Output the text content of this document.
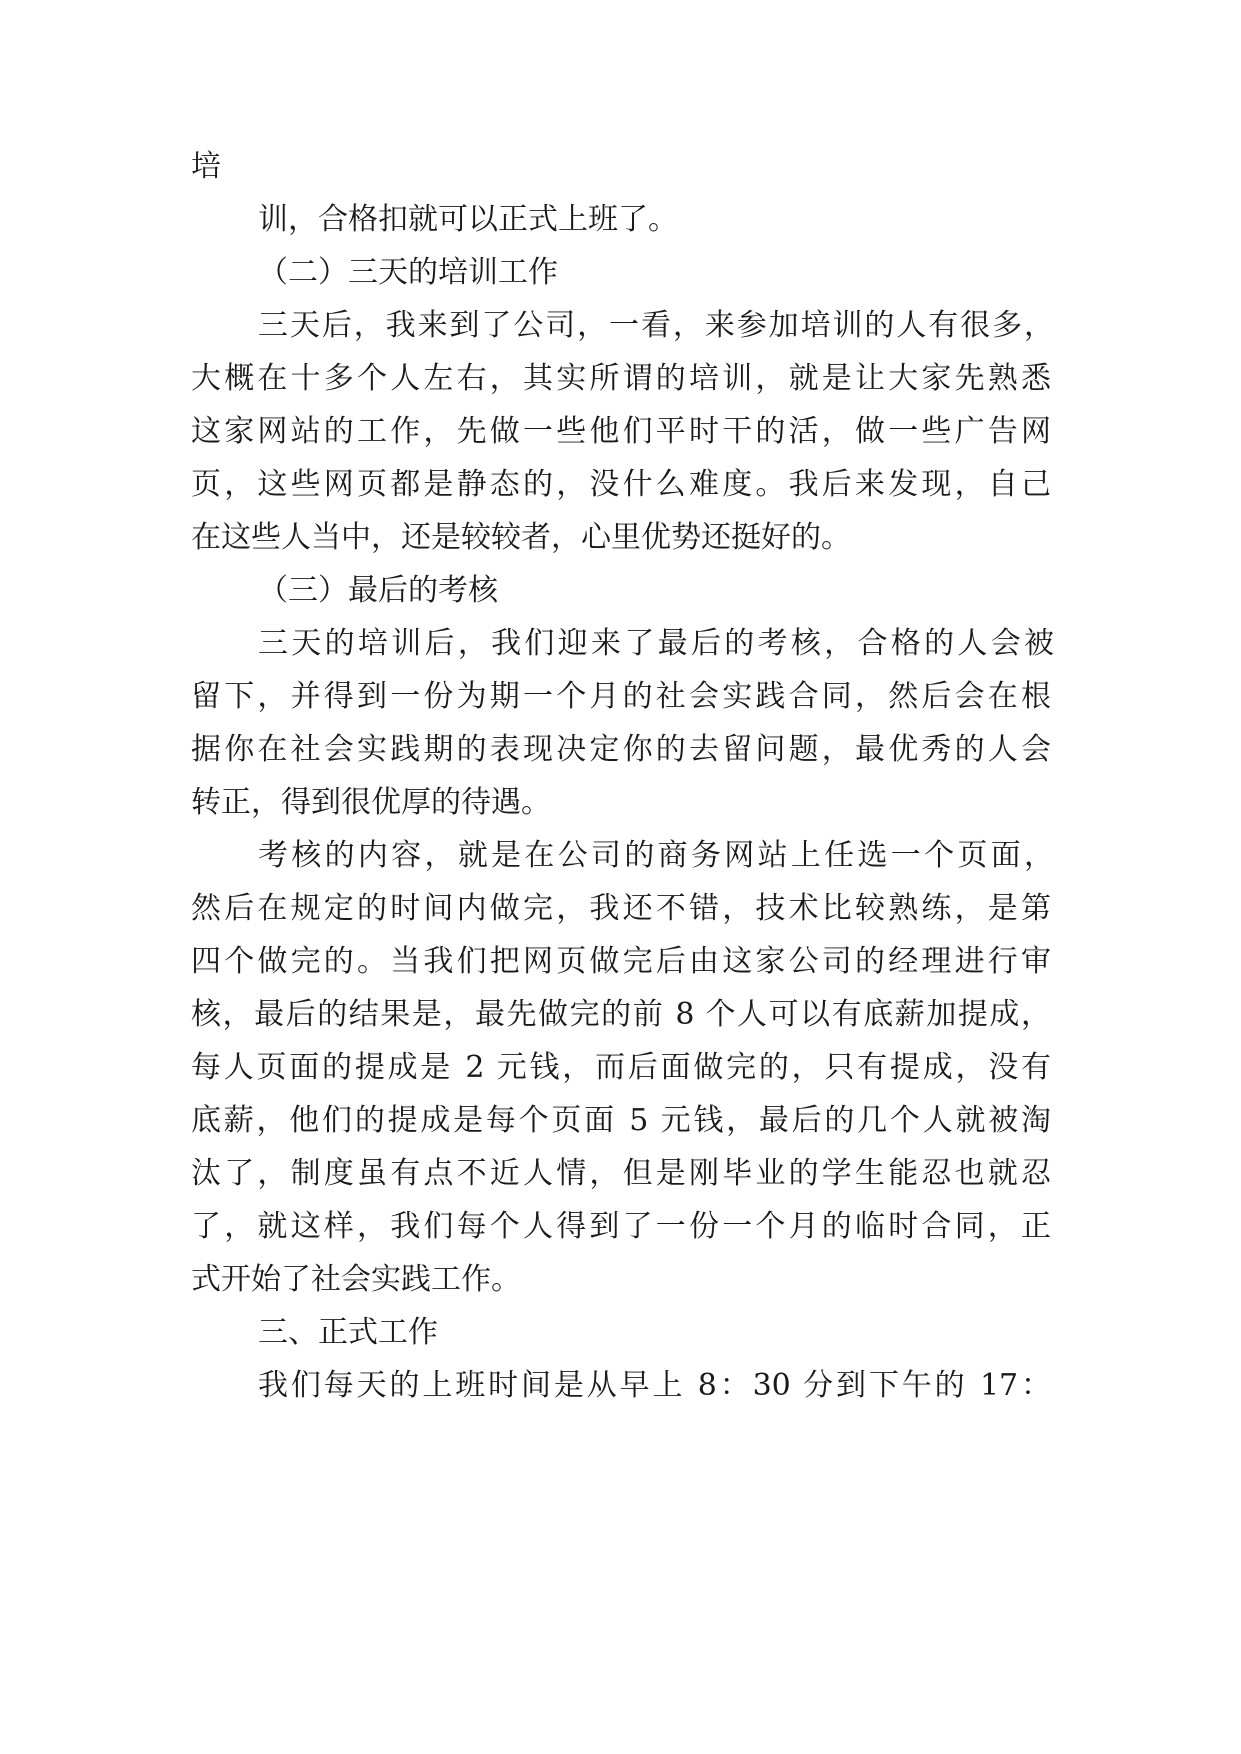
培
训，合格扣就可以正式上班了。
（二）三天的培训工作
三天后，我来到了公司，一看，来参加培训的人有很多，
大概在十多个人左右，其实所谓的培训，就是让大家先熟悉
这家网站的工作，先做一些他们平时干的活，做一些广告网
页，这些网页都是静态的，没什么难度。我后来发现，自己
在这些人当中，还是较较者，心里优势还挺好的。
（三）最后的考核
三天的培训后，我们迎来了最后的考核，合格的人会被
留下，并得到一份为期一个月的社会实践合同，然后会在根
据你在社会实践期的表现决定你的去留问题，最优秀的人会
转正，得到很优厚的待遇。
考核的内容，就是在公司的商务网站上任选一个页面，
然后在规定的时间内做完，我还不错，技术比较熟练，是第
四个做完的。当我们把网页做完后由这家公司的经理进行审
核，最后的结果是，最先做完的前 8 个人可以有底薪加提成，
每人页面的提成是 2 元钱，而后面做完的，只有提成，没有
底薪，他们的提成是每个页面 5 元钱，最后的几个人就被淘
汰了，制度虽有点不近人情，但是刚毕业的学生能忍也就忍
了，就这样，我们每个人得到了一份一个月的临时合同，正
式开始了社会实践工作。
三、正式工作
我们每天的上班时间是从早上 8：30 分到下午的 17：
